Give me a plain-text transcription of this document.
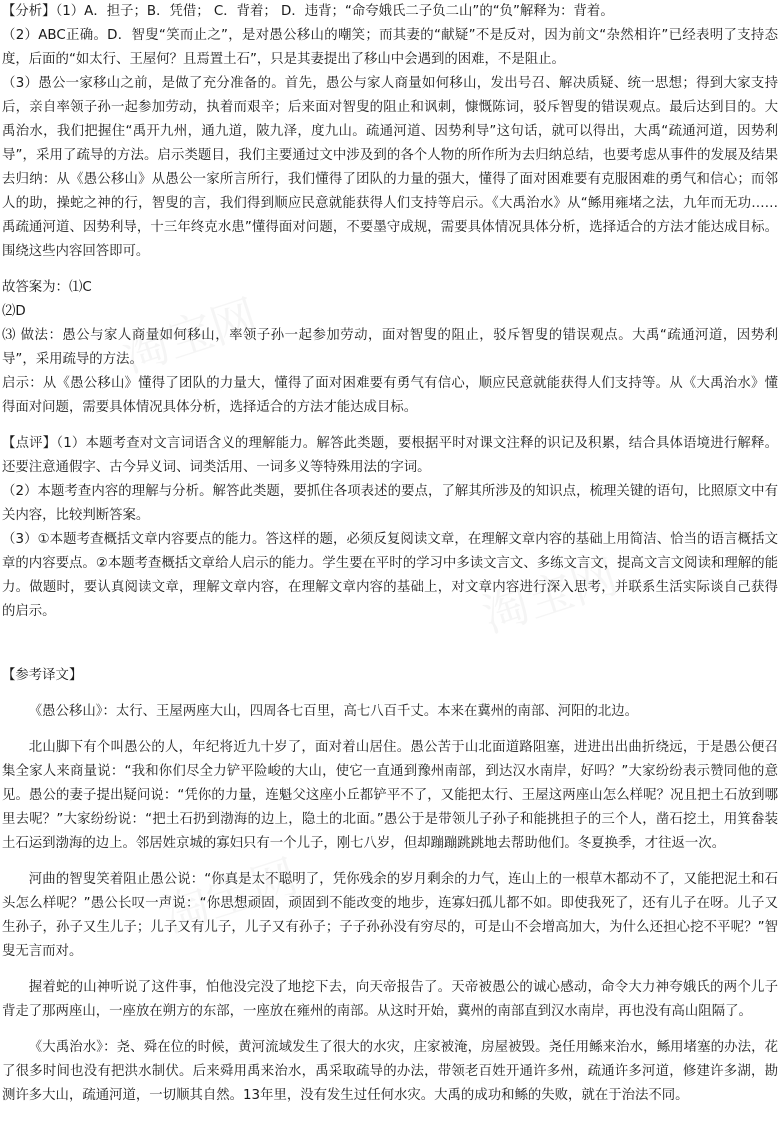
淘宝网
淘宝网
淘宝网

【分析】（1）A．担子；B．凭借； C．背着； D．违背；“命夸娥氏二子负二山”的“负”解释为：背着。

（2）ABC正确。D．智叟“笑而止之”，是对愚公移山的嘲笑；而其妻的“献疑”不是反对，因为前文“杂然相许”已经表明了支持态度，后面的“如太行、王屋何？且焉置土石”，只是其妻提出了移山中会遇到的困难，不是阻止。

（3）愚公一家移山之前，是做了充分准备的。首先，愚公与家人商量如何移山，发出号召、解决质疑、统一思想；得到大家支持后，亲自率领子孙一起参加劳动，执着而艰辛；后来面对智叟的阻止和讽刺，慷慨陈词，驳斥智叟的错误观点。最后达到目的。大禹治水，我们把握住“禹开九州，通九道，陂九泽，度九山。疏通河道、因势利导”这句话，就可以得出，大禹“疏通河道，因势利导”，采用了疏导的方法。启示类题目，我们主要通过文中涉及到的各个人物的所作所为去归纳总结，也要考虑从事件的发展及结果去归纳：从《愚公移山》从愚公一家所言所行，我们懂得了团队的力量的强大，懂得了面对困难要有克服困难的勇气和信心；而邻人的助，操蛇之神的行，智叟的言，我们得到顺应民意就能获得人们支持等启示。《大禹治水》从“鲧用雍堵之法，九年而无功……禹疏通河道、因势利导，十三年终克水患”懂得面对问题，不要墨守成规，需要具体情况具体分析，选择适合的方法才能达成目标。围绕这些内容回答即可。

故答案为：⑴C

⑵D

⑶ 做法：愚公与家人商量如何移山，率领子孙一起参加劳动，面对智叟的阻止，驳斥智叟的错误观点。大禹“疏通河道，因势利导”，采用疏导的方法。

启示：从《愚公移山》懂得了团队的力量大，懂得了面对困难要有勇气有信心，顺应民意就能获得人们支持等。从《大禹治水》懂得面对问题，需要具体情况具体分析，选择适合的方法才能达成目标。

【点评】（1）本题考查对文言词语含义的理解能力。解答此类题，要根据平时对课文注释的识记及积累，结合具体语境进行解释。还要注意通假字、古今异义词、词类活用、一词多义等特殊用法的字词。

（2）本题考查内容的理解与分析。解答此类题，要抓住各项表述的要点，了解其所涉及的知识点，梳理关键的语句，比照原文中有关内容，比较判断答案。

（3）①本题考查概括文章内容要点的能力。答这样的题，必须反复阅读文章，在理解文章内容的基础上用简洁、恰当的语言概括文章的内容要点。②本题考查概括文章给人启示的能力。学生要在平时的学习中多读文言文、多练文言文，提高文言文阅读和理解的能力。做题时，要认真阅读文章，理解文章内容，在理解文章内容的基础上，对文章内容进行深入思考，并联系生活实际谈自己获得的启示。

【参考译文】

《愚公移山》：太行、王屋两座大山，四周各七百里，高七八百千丈。本来在冀州的南部、河阳的北边。

北山脚下有个叫愚公的人，年纪将近九十岁了，面对着山居住。愚公苦于山北面道路阻塞，进进出出曲折绕远，于是愚公便召集全家人来商量说：“我和你们尽全力铲平险峻的大山，使它一直通到豫州南部，到达汉水南岸，好吗？”大家纷纷表示赞同他的意见。愚公的妻子提出疑问说：“凭你的力量，连魁父这座小丘都铲平不了，又能把太行、王屋这两座山怎么样呢？况且把土石放到哪里去呢？”大家纷纷说：“把土石扔到渤海的边上，隐土的北面。”愚公于是带领儿子孙子和能挑担子的三个人，凿石挖土，用箕畚装土石运到渤海的边上。邻居姓京城的寡妇只有一个儿子，刚七八岁，但却蹦蹦跳跳地去帮助他们。冬夏换季，才往返一次。

河曲的智叟笑着阻止愚公说：“你真是太不聪明了，凭你残余的岁月剩余的力气，连山上的一根草木都动不了，又能把泥土和石头怎么样呢？”愚公长叹一声说：“你思想顽固，顽固到不能改变的地步，连寡妇孤儿都不如。即使我死了，还有儿子在呀。儿子又生孙子，孙子又生儿子；儿子又有儿子，儿子又有孙子；子子孙孙没有穷尽的，可是山不会增高加大，为什么还担心挖不平呢？”智叟无言而对。

握着蛇的山神听说了这件事，怕他没完没了地挖下去，向天帝报告了。天帝被愚公的诚心感动，命令大力神夸娥氏的两个儿子背走了那两座山，一座放在朔方的东部，一座放在雍州的南部。从这时开始，冀州的南部直到汉水南岸，再也没有高山阻隔了。

《大禹治水》：尧、舜在位的时候，黄河流域发生了很大的水灾，庄家被淹，房屋被毁。尧任用鲧来治水，鲧用堵塞的办法，花了很多时间也没有把洪水制伏。后来舜用禹来治水，禹采取疏导的办法，带领老百姓开通许多州，疏通许多河道，修建许多湖，勘测许多大山，疏通河道，一切顺其自然。13年里，没有发生过任何水灾。大禹的成功和鲧的失败，就在于治法不同。
